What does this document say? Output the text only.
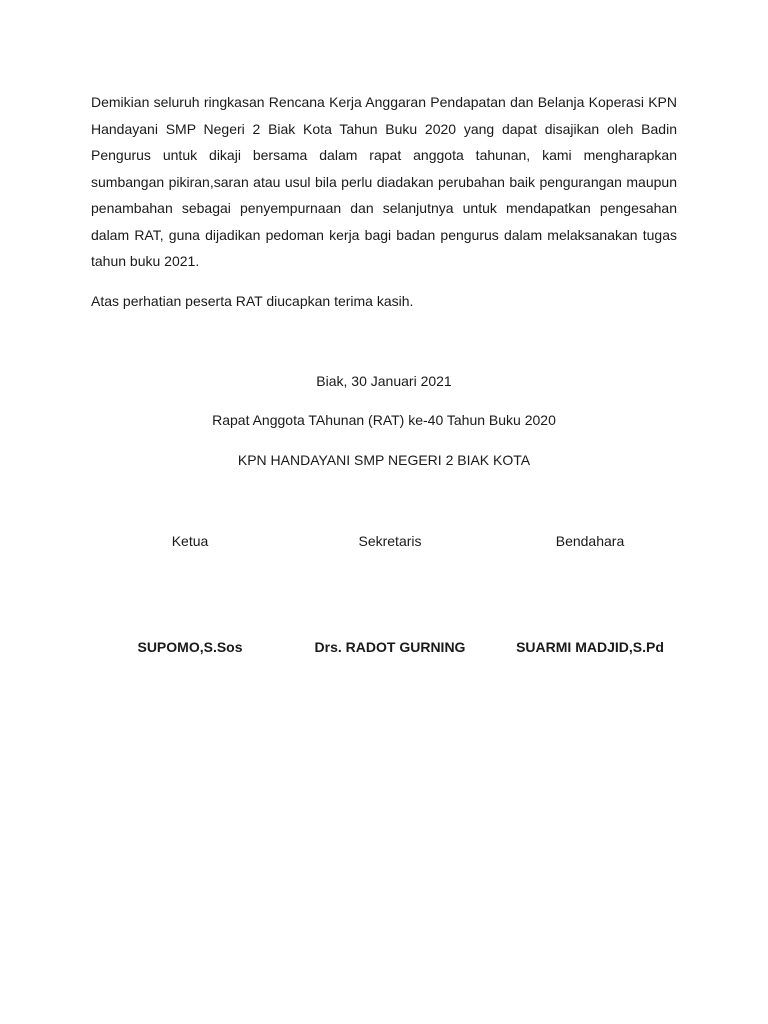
Demikian seluruh ringkasan Rencana Kerja Anggaran Pendapatan dan Belanja Koperasi KPN Handayani SMP Negeri 2 Biak Kota Tahun Buku 2020 yang dapat disajikan oleh Badin Pengurus untuk dikaji bersama dalam rapat anggota tahunan, kami mengharapkan sumbangan pikiran,saran atau usul bila perlu diadakan perubahan baik pengurangan maupun penambahan sebagai penyempurnaan dan selanjutnya untuk mendapatkan pengesahan dalam RAT, guna dijadikan pedoman kerja bagi badan pengurus dalam melaksanakan tugas tahun buku 2021.

Atas perhatian peserta RAT diucapkan terima kasih.

Biak, 30 Januari 2021

Rapat Anggota TAhunan (RAT) ke-40 Tahun Buku 2020

KPN HANDAYANI SMP NEGERI 2 BIAK KOTA

Ketua	Sekretaris	Bendahara
SUPOMO,S.Sos	Drs. RADOT GURNING	SUARMI MADJID,S.Pd
